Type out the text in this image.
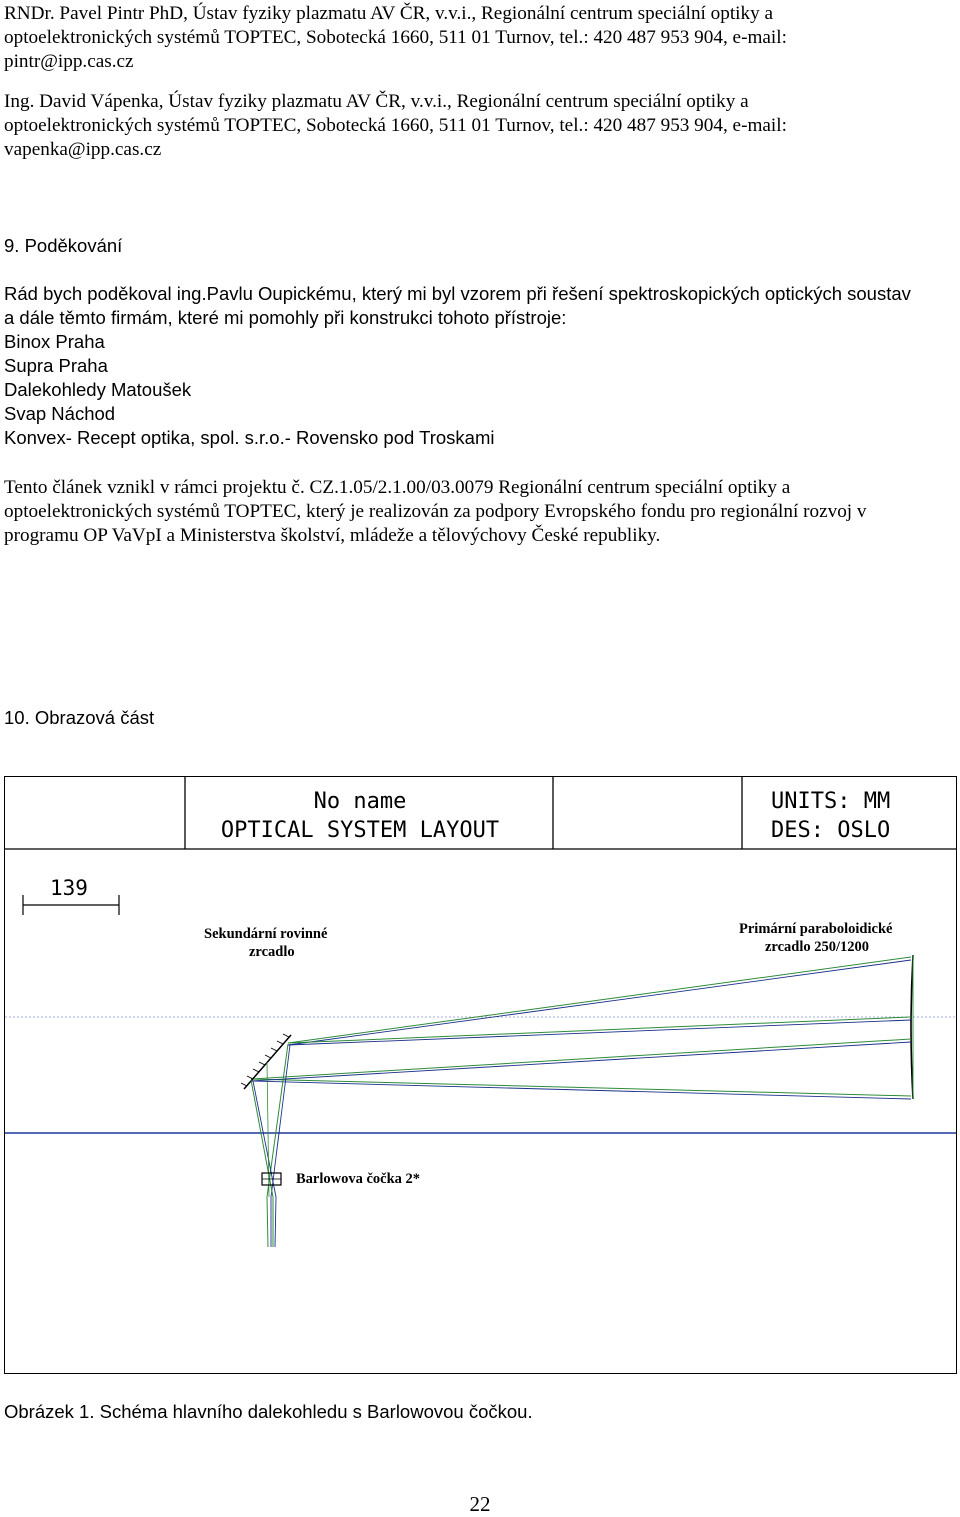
RNDr. Pavel Pintr PhD, Ústav fyziky plazmatu AV ČR, v.v.i., Regionální centrum speciální optiky a
optoelektronických systémů TOPTEC, Sobotecká 1660, 511 01 Turnov, tel.: 420 487 953 904, e-mail:
pintr@ipp.cas.cz
Ing. David Vápenka, Ústav fyziky plazmatu AV ČR, v.v.i., Regionální centrum speciální optiky a
optoelektronických systémů TOPTEC, Sobotecká 1660, 511 01 Turnov, tel.: 420 487 953 904, e-mail:
vapenka@ipp.cas.cz
9. Poděkování
Rád bych poděkoval ing.Pavlu Oupickému, který mi byl vzorem při řešení spektroskopických optických soustav
a dále těmto firmám, které mi pomohly při konstrukci tohoto přístroje:
Binox Praha
Supra Praha
Dalekohledy Matoušek
Svap Náchod
Konvex- Recept optika, spol. s.r.o.- Rovensko pod Troskami
Tento článek vznikl v rámci projektu č. CZ.1.05/2.1.00/03.0079 Regionální centrum speciální optiky a
optoelektronických systémů TOPTEC, který je realizován za podpory Evropského fondu pro regionální rozvoj v
programu OP VaVpI a Ministerstva školství, mládeže a tělovýchovy České republiky.
10. Obrazová část
No name
OPTICAL SYSTEM LAYOUT
UNITS: MM
DES: OSLO
139
Sekundární rovinné
zrcadlo
Primární paraboloidické
zrcadlo 250/1200
Barlowova čočka 2*
Obrázek 1. Schéma hlavního dalekohledu s Barlowovou čočkou.
22
